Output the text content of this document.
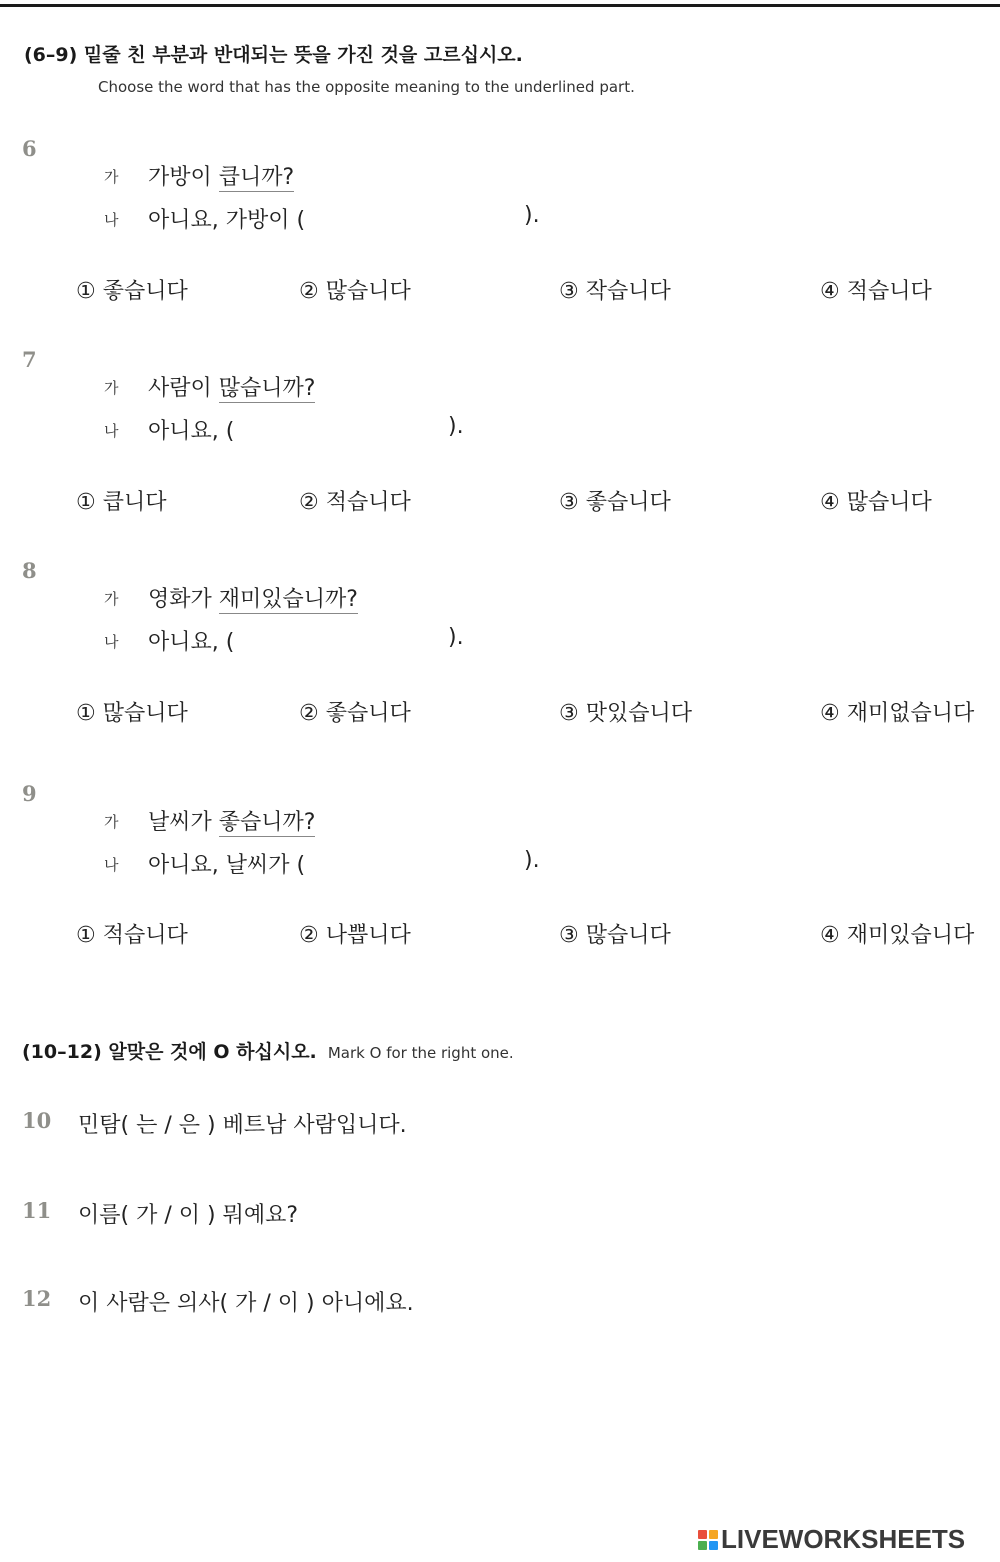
(6–9) 밑줄 친 부분과 반대되는 뜻을 가진 것을 고르십시오.
Choose the word that has the opposite meaning to the underlined part.
6
가 가방이 큽니까?
나 아니요, 가방이 (	).
① 좋습니다	② 많습니다	③ 작습니다	④ 적습니다
7
가 사람이 많습니까?
나 아니요, (	).
① 큽니다	② 적습니다	③ 좋습니다	④ 많습니다
8
가 영화가 재미있습니까?
나 아니요, (	).
① 많습니다	② 좋습니다	③ 맛있습니다	④ 재미없습니다
9
가 날씨가 좋습니까?
나 아니요, 날씨가 (	).
① 적습니다	② 나쁩니다	③ 많습니다	④ 재미있습니다
(10–12) 알맞은 것에 O 하십시오. Mark O for the right one.
10 민탐( 는 / 은 ) 베트남 사람입니다.
11 이름( 가 / 이 ) 뭐예요?
12 이 사람은 의사( 가 / 이 ) 아니에요.
LIVEWORKSHEETS
